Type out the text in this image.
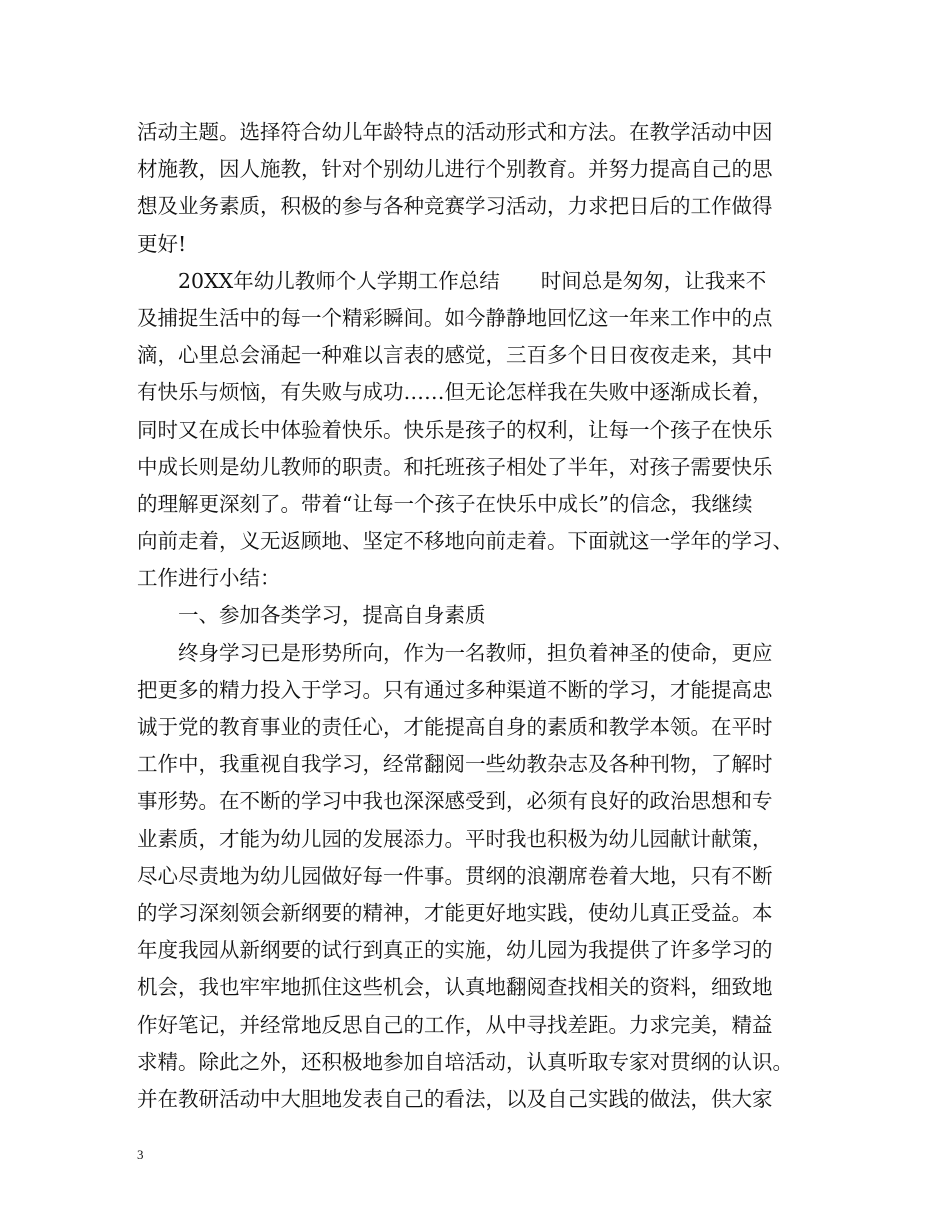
活动主题。选择符合幼儿年龄特点的活动形式和方法。在教学活动中因
材施教，因人施教，针对个别幼儿进行个别教育。并努力提高自己的思
想及业务素质，积极的参与各种竞赛学习活动，力求把日后的工作做得
更好!
20XX年幼儿教师个人学期工作总结　　时间总是匆匆，让我来不
及捕捉生活中的每一个精彩瞬间。如今静静地回忆这一年来工作中的点
滴，心里总会涌起一种难以言表的感觉，三百多个日日夜夜走来，其中
有快乐与烦恼，有失败与成功……但无论怎样我在失败中逐渐成长着，
同时又在成长中体验着快乐。快乐是孩子的权利，让每一个孩子在快乐
中成长则是幼儿教师的职责。和托班孩子相处了半年，对孩子需要快乐
的理解更深刻了。带着“让每一个孩子在快乐中成长”的信念，我继续
向前走着，义无返顾地、坚定不移地向前走着。下面就这一学年的学习、
工作进行小结：
一、参加各类学习，提高自身素质
终身学习已是形势所向，作为一名教师，担负着神圣的使命，更应
把更多的精力投入于学习。只有通过多种渠道不断的学习，才能提高忠
诚于党的教育事业的责任心，才能提高自身的素质和教学本领。在平时
工作中，我重视自我学习，经常翻阅一些幼教杂志及各种刊物，了解时
事形势。在不断的学习中我也深深感受到，必须有良好的政治思想和专
业素质，才能为幼儿园的发展添力。平时我也积极为幼儿园献计献策，
尽心尽责地为幼儿园做好每一件事。贯纲的浪潮席卷着大地，只有不断
的学习深刻领会新纲要的精神，才能更好地实践，使幼儿真正受益。本
年度我园从新纲要的试行到真正的实施，幼儿园为我提供了许多学习的
机会，我也牢牢地抓住这些机会，认真地翻阅查找相关的资料，细致地
作好笔记，并经常地反思自己的工作，从中寻找差距。力求完美，精益
求精。除此之外，还积极地参加自培活动，认真听取专家对贯纲的认识。
并在教研活动中大胆地发表自己的看法，以及自己实践的做法，供大家
3
